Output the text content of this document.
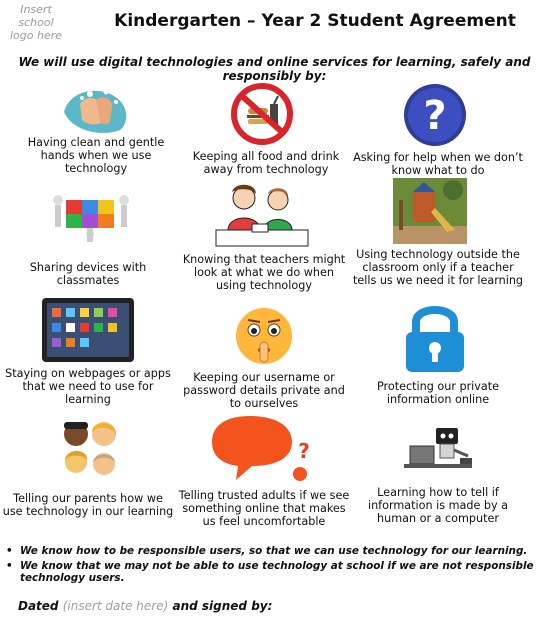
Insert school logo here
Kindergarten – Year 2 Student Agreement
We will use digital technologies and online services for learning, safely and responsibly by:
Having clean and gentle hands when we use technology
Keeping all food and drink away from technology
?
Asking for help when we don’t know what to do
Sharing devices with classmates
Knowing that teachers might look at what we do when using technology
Using technology outside the classroom only if a teacher tells us we need it for learning
Staying on webpages or apps that we need to use for learning
Keeping our username or password details private and to ourselves
Protecting our private information online
Telling our parents how we use technology in our learning
?
Telling trusted adults if we see something online that makes us feel uncomfortable
Learning how to tell if information is made by a human or a computer
• We know how to be responsible users, so that we can use technology for our learning.
• We know that we may not be able to use technology at school if we are not responsible technology users.
Dated (insert date here) and signed by:
